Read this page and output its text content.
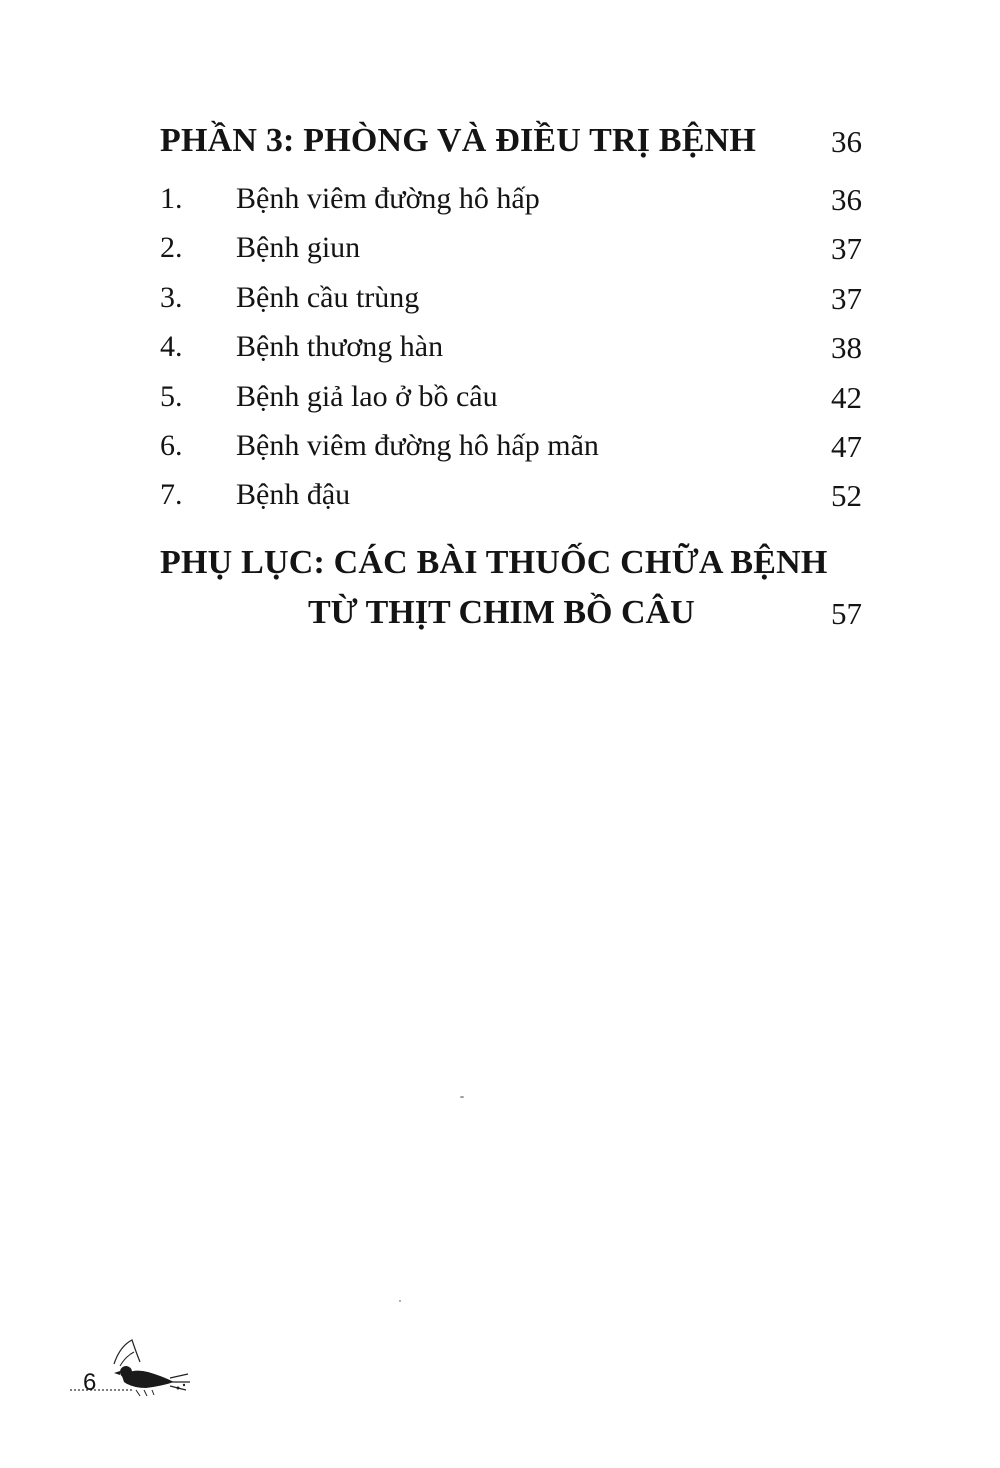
PHẦN 3: PHÒNG VÀ ĐIỀU TRỊ BỆNH 36
1. Bệnh viêm đường hô hấp	36
2. Bệnh giun	37
3. Bệnh cầu trùng	37
4. Bệnh thương hàn	38
5. Bệnh giả lao ở bồ câu	42
6. Bệnh viêm đường hô hấp mãn	47
7. Bệnh đậu	52
PHỤ LỤC: CÁC BÀI THUỐC CHỮA BỆNH
TỪ THỊT CHIM BỒ CÂU	57
6
